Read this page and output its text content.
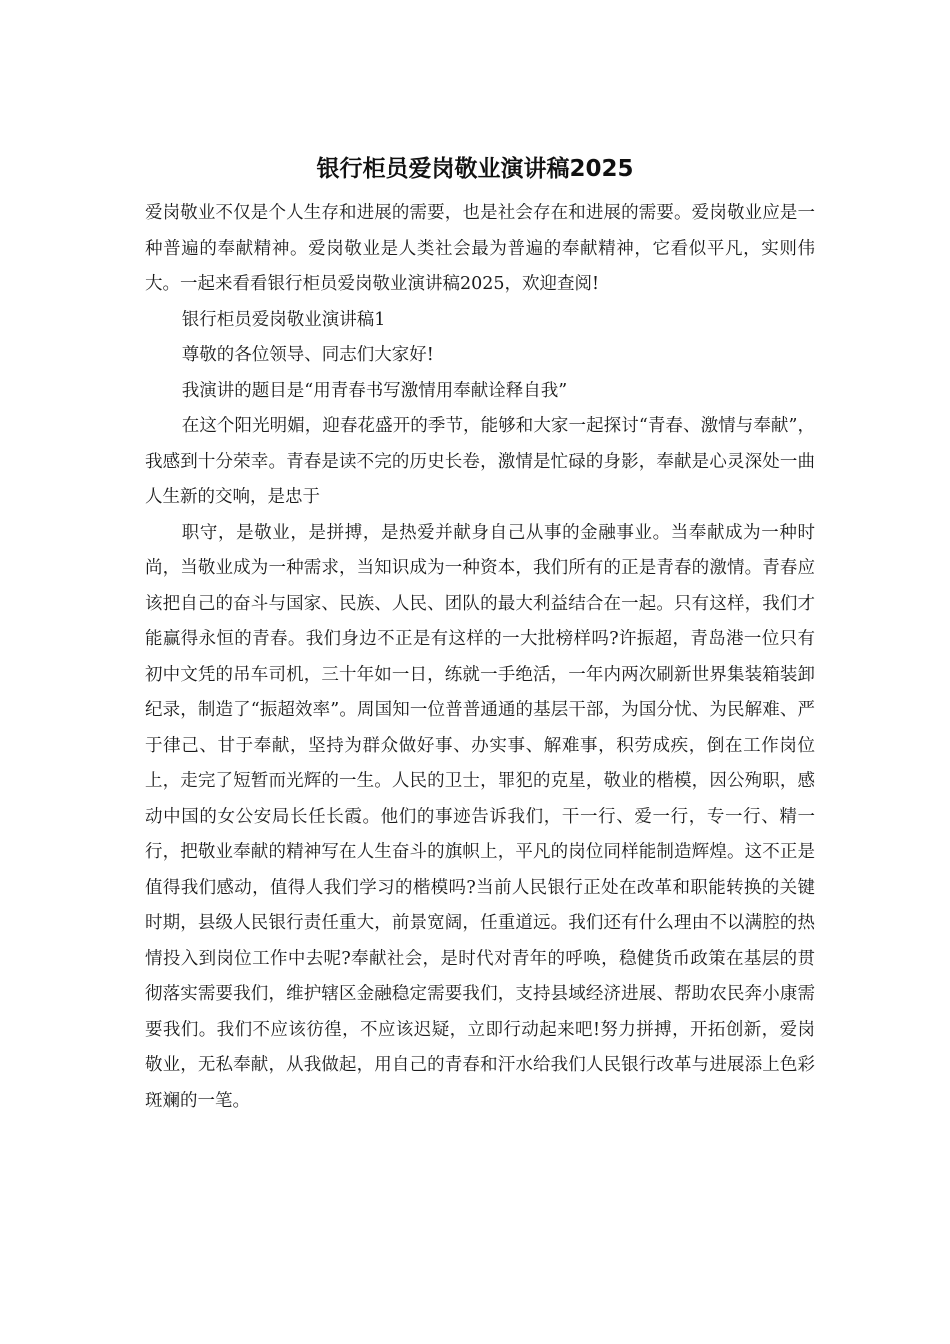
银行柜员爱岗敬业演讲稿2025

爱岗敬业不仅是个人生存和进展的需要，也是社会存在和进展的需要。爱岗敬业应是一种普遍的奉献精神。爱岗敬业是人类社会最为普遍的奉献精神，它看似平凡，实则伟大。一起来看看银行柜员爱岗敬业演讲稿2025，欢迎查阅!

银行柜员爱岗敬业演讲稿1

尊敬的各位领导、同志们大家好!

我演讲的题目是“用青春书写激情用奉献诠释自我”

在这个阳光明媚，迎春花盛开的季节，能够和大家一起探讨“青春、激情与奉献”，我感到十分荣幸。青春是读不完的历史长卷，激情是忙碌的身影，奉献是心灵深处一曲人生新的交响，是忠于

职守，是敬业，是拼搏，是热爱并献身自己从事的金融事业。当奉献成为一种时尚，当敬业成为一种需求，当知识成为一种资本，我们所有的正是青春的激情。青春应该把自己的奋斗与国家、民族、人民、团队的最大利益结合在一起。只有这样，我们才能赢得永恒的青春。我们身边不正是有这样的一大批榜样吗?许振超，青岛港一位只有初中文凭的吊车司机，三十年如一日，练就一手绝活，一年内两次刷新世界集装箱装卸纪录，制造了“振超效率”。周国知一位普普通通的基层干部，为国分忧、为民解难、严于律己、甘于奉献，坚持为群众做好事、办实事、解难事，积劳成疾，倒在工作岗位上，走完了短暂而光辉的一生。人民的卫士，罪犯的克星，敬业的楷模，因公殉职，感动中国的女公安局长任长霞。他们的事迹告诉我们，干一行、爱一行，专一行、精一行，把敬业奉献的精神写在人生奋斗的旗帜上，平凡的岗位同样能制造辉煌。这不正是值得我们感动，值得人我们学习的楷模吗?当前人民银行正处在改革和职能转换的关键时期，县级人民银行责任重大，前景宽阔，任重道远。我们还有什么理由不以满腔的热情投入到岗位工作中去呢?奉献社会，是时代对青年的呼唤，稳健货币政策在基层的贯彻落实需要我们，维护辖区金融稳定需要我们，支持县域经济进展、帮助农民奔小康需要我们。我们不应该彷徨，不应该迟疑，立即行动起来吧!努力拼搏，开拓创新，爱岗敬业，无私奉献，从我做起，用自己的青春和汗水给我们人民银行改革与进展添上色彩斑斓的一笔。
